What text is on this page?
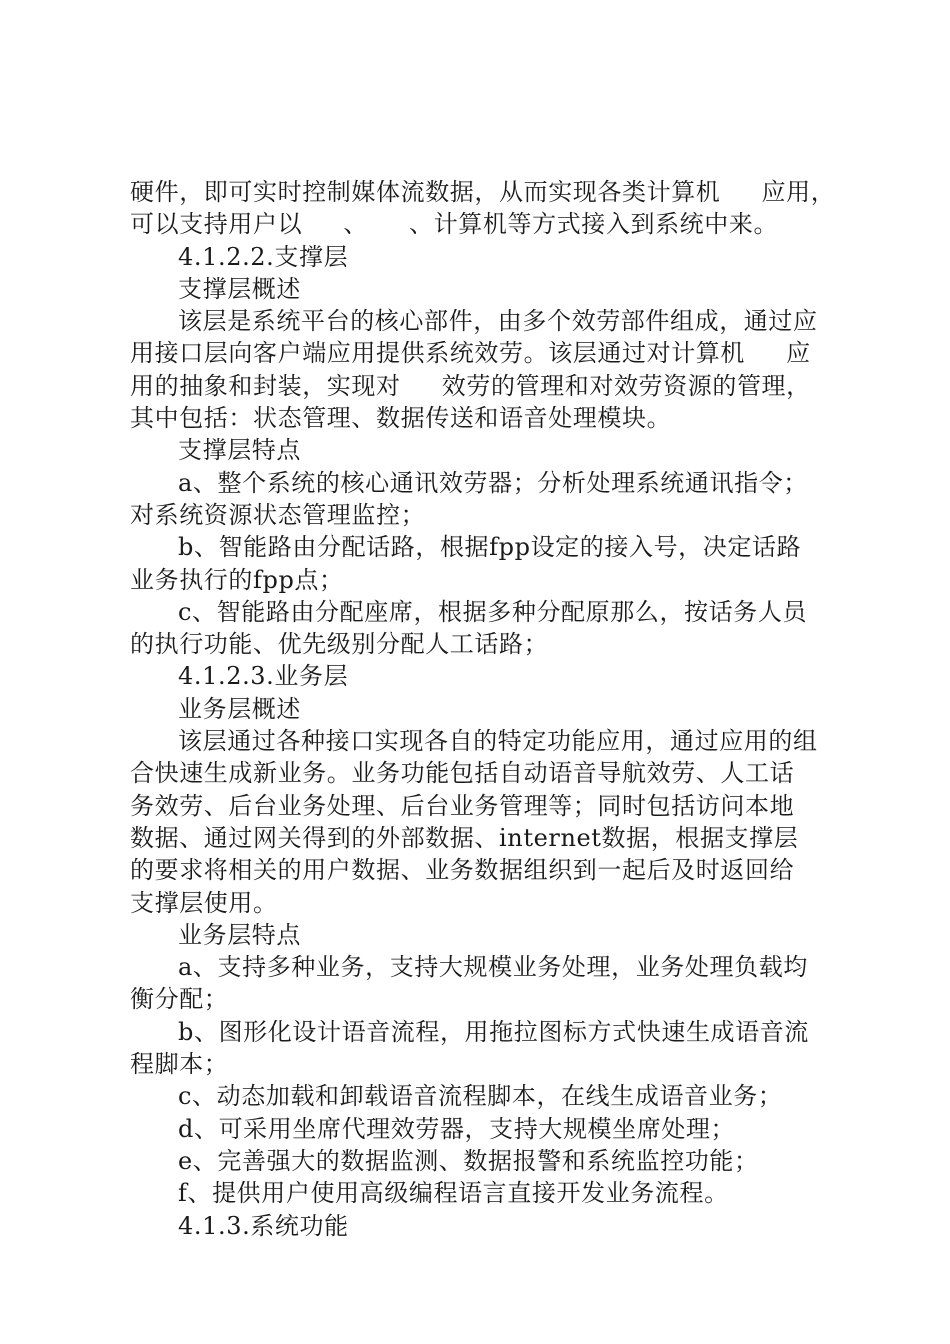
硬件，即可实时控制媒体流数据，从而实现各类计算机     应用，
可以支持用户以     、     、计算机等方式接入到系统中来。
4.1.2.2.支撑层
支撑层概述
该层是系统平台的核心部件，由多个效劳部件组成，通过应
用接口层向客户端应用提供系统效劳。该层通过对计算机     应
用的抽象和封装，实现对     效劳的管理和对效劳资源的管理，
其中包括：状态管理、数据传送和语音处理模块。
支撑层特点
a、整个系统的核心通讯效劳器；分析处理系统通讯指令；
对系统资源状态管理监控；
b、智能路由分配话路，根据fpp设定的接入号，决定话路
业务执行的fpp点；
c、智能路由分配座席，根据多种分配原那么，按话务人员
的执行功能、优先级别分配人工话路；
4.1.2.3.业务层
业务层概述
该层通过各种接口实现各自的特定功能应用，通过应用的组
合快速生成新业务。业务功能包括自动语音导航效劳、人工话
务效劳、后台业务处理、后台业务管理等；同时包括访问本地
数据、通过网关得到的外部数据、internet数据，根据支撑层
的要求将相关的用户数据、业务数据组织到一起后及时返回给
支撑层使用。
业务层特点
a、支持多种业务，支持大规模业务处理，业务处理负载均
衡分配；
b、图形化设计语音流程，用拖拉图标方式快速生成语音流
程脚本；
c、动态加载和卸载语音流程脚本，在线生成语音业务；
d、可采用坐席代理效劳器，支持大规模坐席处理；
e、完善强大的数据监测、数据报警和系统监控功能；
f、提供用户使用高级编程语言直接开发业务流程。
4.1.3.系统功能
